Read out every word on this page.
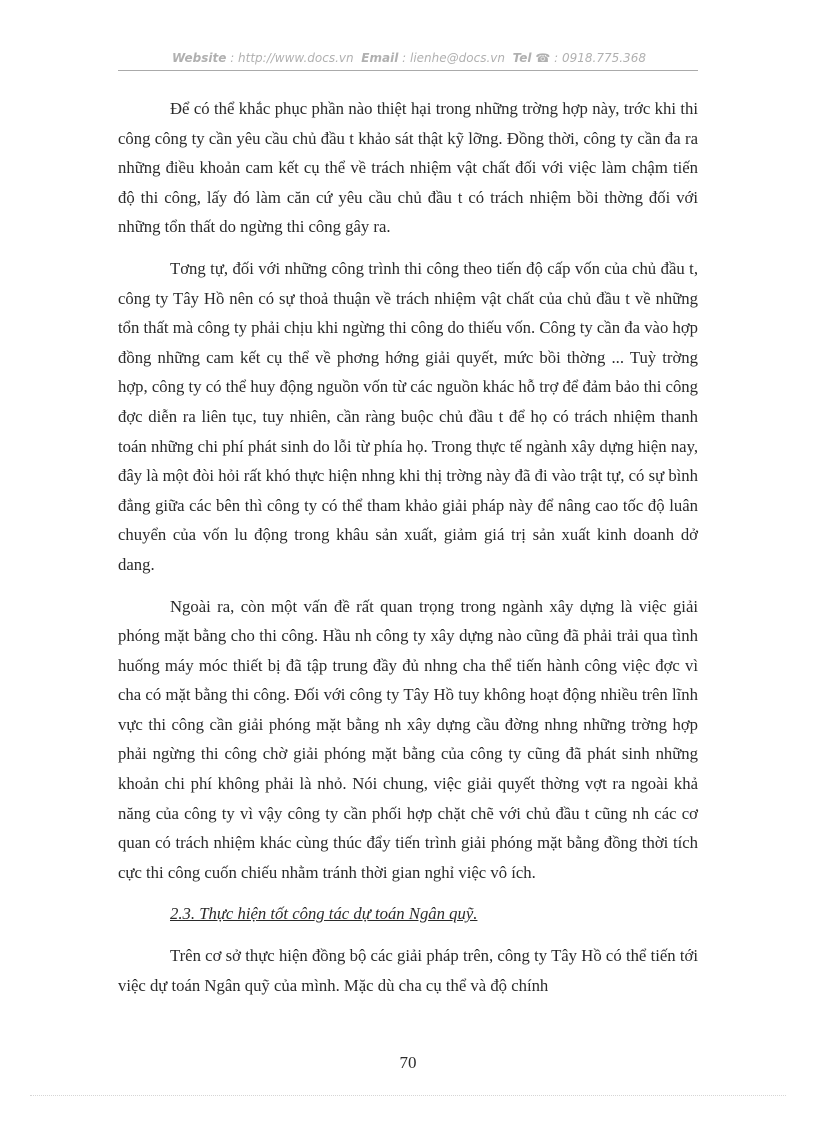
Website : http://www.docs.vn Email : lienhe@docs.vn Tel ☎ : 0918.775.368

Để có thể khắc phục phần nào thiệt hại trong những trờng hợp này, trớc khi thi công công ty cần yêu cầu chủ đầu t khảo sát thật kỹ lỡng. Đồng thời, công ty cần đa ra những điều khoản cam kết cụ thể về trách nhiệm vật chất đối với việc làm chậm tiến độ thi công, lấy đó làm căn cứ yêu cầu chủ đầu t có trách nhiệm bồi thờng đối với những tổn thất do ngừng thi công gây ra.

Tơng tự, đối với những công trình thi công theo tiến độ cấp vốn của chủ đầu t, công ty Tây Hồ nên có sự thoả thuận về trách nhiệm vật chất của chủ đầu t về những tổn thất mà công ty phải chịu khi ngừng thi công do thiếu vốn. Công ty cần đa vào hợp đồng những cam kết cụ thể về phơng hớng giải quyết, mức bồi thờng ... Tuỳ trờng hợp, công ty có thể huy động nguồn vốn từ các nguồn khác hỗ trợ để đảm bảo thi công đợc diễn ra liên tục, tuy nhiên, cần ràng buộc chủ đầu t để họ có trách nhiệm thanh toán những chi phí phát sinh do lỗi từ phía họ. Trong thực tế ngành xây dựng hiện nay, đây là một đòi hỏi rất khó thực hiện nhng khi thị trờng này đã đi vào trật tự, có sự bình đẳng giữa các bên thì công ty có thể tham khảo giải pháp này để nâng cao tốc độ luân chuyển của vốn lu động trong khâu sản xuất, giảm giá trị sản xuất kinh doanh dở dang.

Ngoài ra, còn một vấn đề rất quan trọng trong ngành xây dựng là việc giải phóng mặt bằng cho thi công. Hầu nh công ty xây dựng nào cũng đã phải trải qua tình huống máy móc thiết bị đã tập trung đầy đủ nhng cha thể tiến hành công việc đợc vì cha có mặt bằng thi công. Đối với công ty Tây Hồ tuy không hoạt động nhiều trên lĩnh vực thi công cần giải phóng mặt bằng nh xây dựng cầu đờng nhng những trờng hợp phải ngừng thi công chờ giải phóng mặt bằng của công ty cũng đã phát sinh những khoản chi phí không phải là nhỏ. Nói chung, việc giải quyết thờng vợt ra ngoài khả năng của công ty vì vậy công ty cần phối hợp chặt chẽ với chủ đầu t cũng nh các cơ quan có trách nhiệm khác cùng thúc đẩy tiến trình giải phóng mặt bằng đồng thời tích cực thi công cuốn chiếu nhằm tránh thời gian nghỉ việc vô ích.

2.3. Thực hiện tốt công tác dự toán Ngân quỹ.

Trên cơ sở thực hiện đồng bộ các giải pháp trên, công ty Tây Hồ có thể tiến tới việc dự toán Ngân quỹ của mình. Mặc dù cha cụ thể và độ chính

70
